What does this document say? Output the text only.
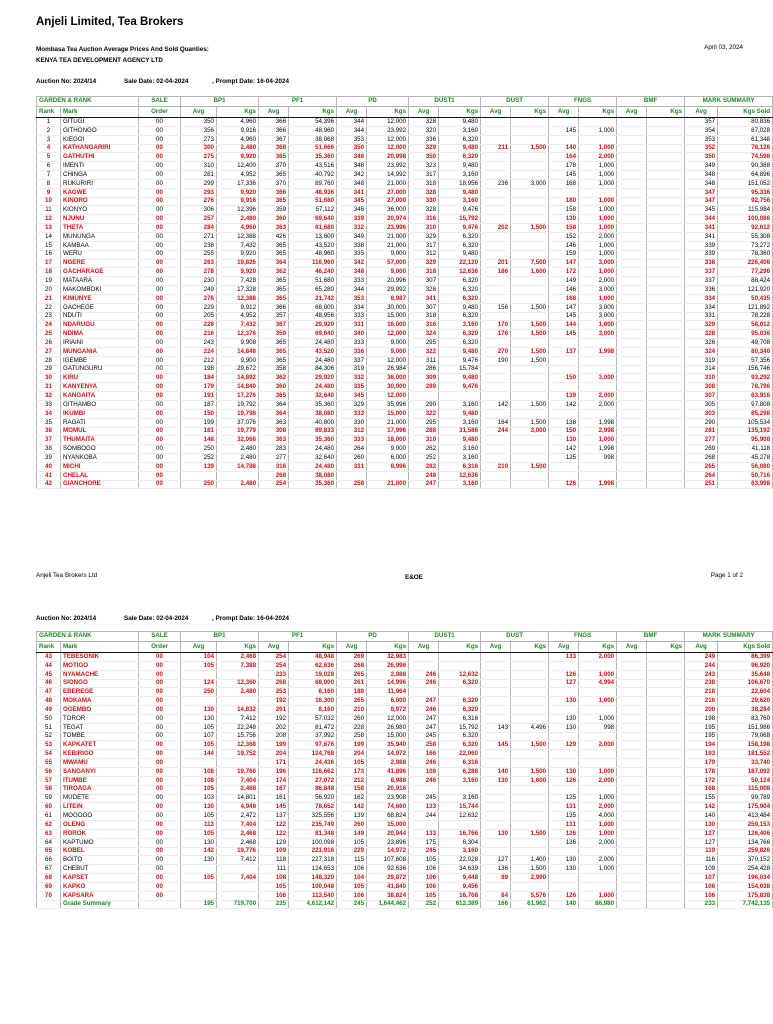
Anjeli Limited, Tea Brokers
Mombasa Tea Auction Average Prices And Sold Quanties:	April 03, 2024
KENYA TEA DEVELOPMENT AGENCY LTD
Auction No: 2024/14	Sale Date: 02-04-2024	, Prompt Date: 16-04-2024
GARDEN & RANK		SALE	BP1		PF1		PD		DUST1		DUST		FNGS		BMF		MARK SUMMARY	
Rank	Mark	Order	Avg	Kgs	Avg	Kgs	Avg	Kgs	Avg	Kgs	Avg	Kgs	Avg	Kgs	Avg	Kgs	Avg	Kgs Sold
1	GITUGI	00	350	4,960	366	54,396	344	12,000	328	9,480							357	80,836
2	GITHONGO	00	356	9,916	366	48,960	344	23,992	320	3,160			145	1,000			354	87,028
3	KIEGOI	00	273	4,960	367	38,068	353	12,000	336	6,320							353	61,348
4	KATHANGARIRI	00	300	2,480	368	51,666	350	12,000	329	9,480	211	1,500	140	1,000			352	78,126
5	GATHUTHI	00	275	9,920	365	35,360	348	20,998	350	6,320			164	2,000			350	74,598
6	IMENTI	00	310	12,400	370	43,516	348	23,992	323	9,480			178	1,000			349	90,388
7	CHINGA	00	281	4,952	365	40,792	342	14,992	317	3,160			145	1,000			348	64,896
8	RUKURIRI	00	299	17,336	370	89,760	348	21,000	318	18,956	236	3,000	168	1,000			348	151,052
9	KAGWE	00	293	9,920	366	48,936	341	27,000	328	9,480							347	95,336
10	KINORO	00	276	9,916	365	51,680	345	27,000	330	3,160			180	1,000			347	92,756
11	KIONYO	00	306	12,396	359	57,112	346	36,000	328	9,476			158	1,000			345	115,984
12	NJUNU	00	257	2,480	360	69,640	339	20,974	316	15,792			130	1,000			344	100,086
13	THETA	00	284	4,960	363	61,680	332	23,996	310	9,476	202	1,500	158	1,000			341	92,612
14	MUNUNGA	00	271	12,388	426	13,600	349	21,000	329	6,320			152	2,000			341	55,308
15	KAMBAA	00	238	7,432	365	43,520	338	21,000	317	6,320			146	1,000			339	73,272
16	WERU	00	255	9,920	365	48,960	335	9,000	312	9,480			159	1,000			339	78,360
17	NGERE	00	263	19,826	364	116,960	342	57,000	329	22,120	201	7,500	147	3,000			338	226,406
18	GACHARAGE	00	278	9,920	362	46,240	348	9,000	318	12,636	186	1,600	172	1,000			337	77,296
19	MATAARA	00	230	7,428	365	51,680	333	20,996	307	6,320			149	2,000			337	88,424
20	MAKOMBOKI	00	249	17,328	365	65,280	344	29,992	326	6,320			146	3,000			336	121,920
21	KIMUNYE	00	276	12,388	365	21,742	353	8,987	341	6,320			168	1,000			334	50,435
22	GACHEGE	00	229	9,912	366	68,000	334	30,000	307	9,480	156	1,500	147	3,000			334	121,892
23	NDUTI	00	205	4,952	357	48,956	333	15,000	318	6,320			145	3,000			331	78,228
24	NDARUGU	00	228	7,432	367	29,920	331	16,000	316	3,160	170	1,500	144	1,000			329	58,012
25	NDIMA	00	216	12,376	359	69,640	340	12,000	324	6,320	176	1,500	145	3,000			328	95,036
26	IRIAINI	00	243	9,908	365	24,480	333	9,000	295	6,320							326	49,708
27	MUNGANIA	00	224	14,848	365	43,520	336	9,000	322	9,480	270	1,500	137	1,998			324	80,346
28	IGEMBE	00	212	9,900	365	24,480	337	12,000	311	9,476	190	1,500					319	57,356
29	GATUNGURU	00	198	29,672	358	84,306	319	26,984	286	15,784							314	156,746
30	KIRU	00	184	14,892	362	29,920	332	36,000	309	9,480			150	3,000			310	93,292
31	KANYENYA	00	179	14,840	360	24,480	335	30,000	289	9,476							308	78,796
32	KANGAITA	00	191	17,276	365	32,640	345	12,000					139	2,000			307	63,916
33	GITHAMBO	00	187	19,792	364	35,360	329	35,996	290	3,160	142	1,500	142	2,000			305	97,808
34	IKUMBI	00	150	19,798	364	38,080	333	15,000	322	9,480							303	85,298
35	RAGATI	00	199	37,076	363	40,800	330	21,000	295	3,160	164	1,500	138	1,998			290	105,534
36	MOMUL	00	181	19,779	308	69,833	312	17,996	288	31,586	244	3,000	150	2,998			281	135,192
37	THUMAITA	00	148	32,068	363	35,360	333	18,000	310	9,480			130	1,000			277	95,908
38	SOMBOGO	00	250	2,480	283	24,480	264	9,000	262	3,160			142	1,998			269	41,118
39	NYANKOBA	00	252	2,480	277	32,640	260	6,000	252	3,160			125	998			268	45,278
40	MICHI	00	139	14,788	316	24,480	331	8,996	282	6,316	210	1,500					265	56,080
41	CHELAL	00			268	38,080			248	12,636							264	50,716
42	GIANCHORE	00	250	2,480	254	35,360	258	21,000	247	3,160			126	1,998			251	63,998
Anjeli Tea Brokers Ltd	E&OE	Page 1 of 2
Auction No: 2024/14	Sale Date: 02-04-2024	, Prompt Date: 16-04-2024
GARDEN & RANK		SALE	BP1		PF1		PD		DUST1		DUST		FNGS		BMF		MARK SUMMARY	
Rank	Mark	Order	Avg	Kgs	Avg	Kgs	Avg	Kgs	Avg	Kgs	Avg	Kgs	Avg	Kgs	Avg	Kgs	Avg	Kgs Sold
43	TEBESONIK	00	104	2,468	254	48,948	269	32,983					133	2,000			249	86,399
44	MOTIGO	00	105	7,388	254	62,636	268	26,996									244	96,920
45	NYAMACHE	00			233	19,028	265	2,988	246	12,632			126	1,000			243	35,648
46	SIONGO	00	124	12,360	268	68,000	261	14,996	246	6,320			127	4,994			238	106,670
47	EBEREGE	00	250	2,480	253	8,160	188	11,964									218	22,604
48	MOKAMA	00			192	16,300	265	6,000	247	6,320			130	1,000			216	29,620
49	OGEMBO	00	130	14,832	261	8,160	210	8,972	246	6,320							200	38,284
50	TOROR	00	130	7,412	192	57,032	260	12,000	247	6,316			130	1,000			198	83,760
51	TEGAT	00	105	22,248	202	81,472	228	26,980	247	15,792	143	4,496	130	998			195	151,986
52	TOMBE	00	107	15,756	208	37,992	258	15,000	245	6,320							195	79,068
53	KAPKATET	00	105	12,368	199	97,676	199	35,940	258	6,320	145	1,500	129	2,000			194	158,198
54	KEBIRIGO	00	144	19,752	204	124,768	204	14,972	166	22,060							193	181,552
55	MWAMU	00			171	24,436	105	2,988	246	6,316							179	33,740
56	SANGANYI	00	108	19,760	196	116,662	173	41,896	108	6,288	140	1,500	130	1,000			178	187,092
57	ITUMBE	00	108	7,404	174	27,072	212	8,988	246	3,160	130	1,600	126	2,000			172	50,124
58	TIROAGA	00	105	2,468	167	86,848	158	20,916									168	115,008
59	MUDETE	00	103	14,801	161	56,920	162	23,908	245	3,160			125	1,000			155	99,789
60	LITEIN	00	130	4,948	145	78,652	142	74,660	133	15,744			131	2,000			142	175,904
61	MOGOGO	00	105	2,472	137	325,556	139	68,824	244	12,632			135	4,000			140	413,484
62	OLENG	00	113	7,404	122	235,749	260	15,000					131	1,000			130	259,153
63	ROROK	00	105	2,468	122	81,348	149	20,944	133	16,766	130	1,500	126	1,000			127	126,406
64	KAPTUMO	00	130	2,468	129	100,098	105	23,896	175	6,304			136	2,000			127	134,766
65	KOBEL	00	142	19,776	109	221,916	229	14,972	245	3,160							119	259,826
66	BOITO	00	130	7,412	118	227,318	115	107,608	105	22,028	127	1,400	130	2,000			116	370,152
67	CHEBUT	00			111	124,653	106	92,636	106	34,639	136	1,500	130	1,000			109	254,428
68	KAPSET	00	105	7,404	108	148,320	104	29,872	106	9,448	89	2,990					107	196,034
69	KAPKO	00			105	100,048	105	41,840	106	9,456							106	154,038
70	KAPSARA	00			106	113,540	106	38,824	105	16,708	84	5,576	126	1,000			106	175,838
	Grade Summary		195	719,700	235	4,612,142	245	1,644,462	252	612,389	166	61,962	140	86,980			233	7,742,135
